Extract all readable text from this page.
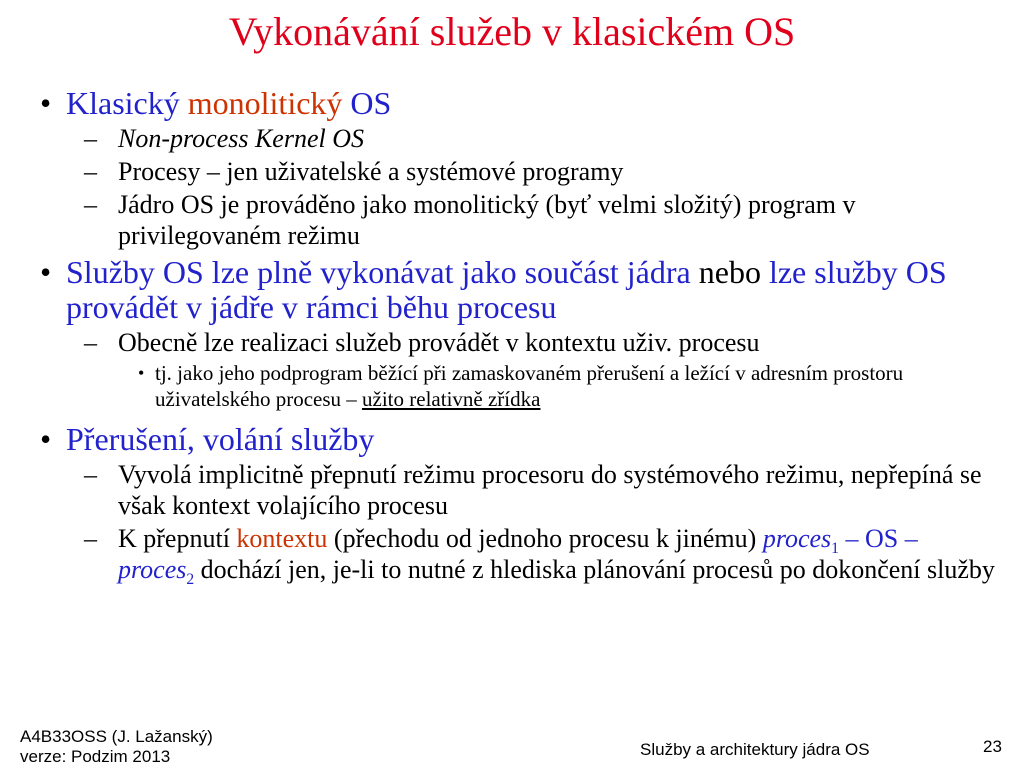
Vykonávání služeb v klasickém OS
• Klasický monolitický OS
– Non-process Kernel OS
– Procesy – jen uživatelské a systémové programy
– Jádro OS je prováděno jako monolitický (byť velmi složitý) program v privilegovaném režimu
• Služby OS lze plně vykonávat jako součást jádra nebo lze služby OS provádět v jádře v rámci běhu procesu
– Obecně lze realizaci služeb provádět v kontextu uživ. procesu
• tj. jako jeho podprogram běžící při zamaskovaném přerušení a ležící v adresním prostoru uživatelského procesu – užito relativně zřídka
• Přerušení, volání služby
– Vyvolá implicitně přepnutí režimu procesoru do systémového režimu, nepřepíná se však kontext volajícího procesu
– K přepnutí kontextu (přechodu od jednoho procesu k jinému) proces$_1$ – OS – proces$_2$ dochází jen, je-li to nutné z hlediska plánování procesů po dokončení služby
A4B33OSS (J. Lažanský)
verze: Podzim 2013	Služby a architektury jádra OS	23
